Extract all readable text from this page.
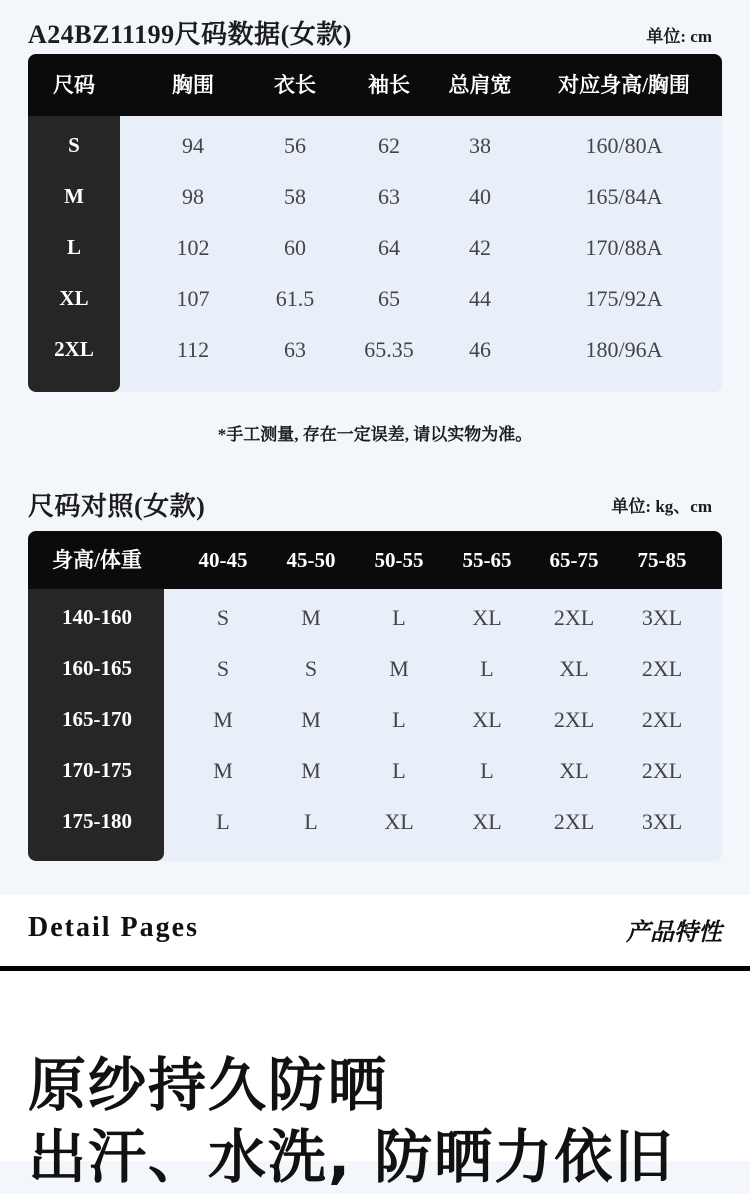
A24BZ11199尺码数据(女款)	单位: cm
尺码	胸围	衣长	袖长	总肩宽	对应身高/胸围
S	94	56	62	38	160/80A
M	98	58	63	40	165/84A
L	102	60	64	42	170/88A
XL	107	61.5	65	44	175/92A
2XL	112	63	65.35	46	180/96A
*手工测量, 存在一定误差, 请以实物为准。
尺码对照(女款)	单位: kg、cm
身高/体重	40-45	45-50	50-55	55-65	65-75	75-85
140-160	S	M	L	XL	2XL	3XL
160-165	S	S	M	L	XL	2XL
165-170	M	M	L	XL	2XL	2XL
170-175	M	M	L	L	XL	2XL
175-180	L	L	XL	XL	2XL	3XL
Detail Pages	产品特性
原纱持久防晒
出汗、水洗, 防晒力依旧
